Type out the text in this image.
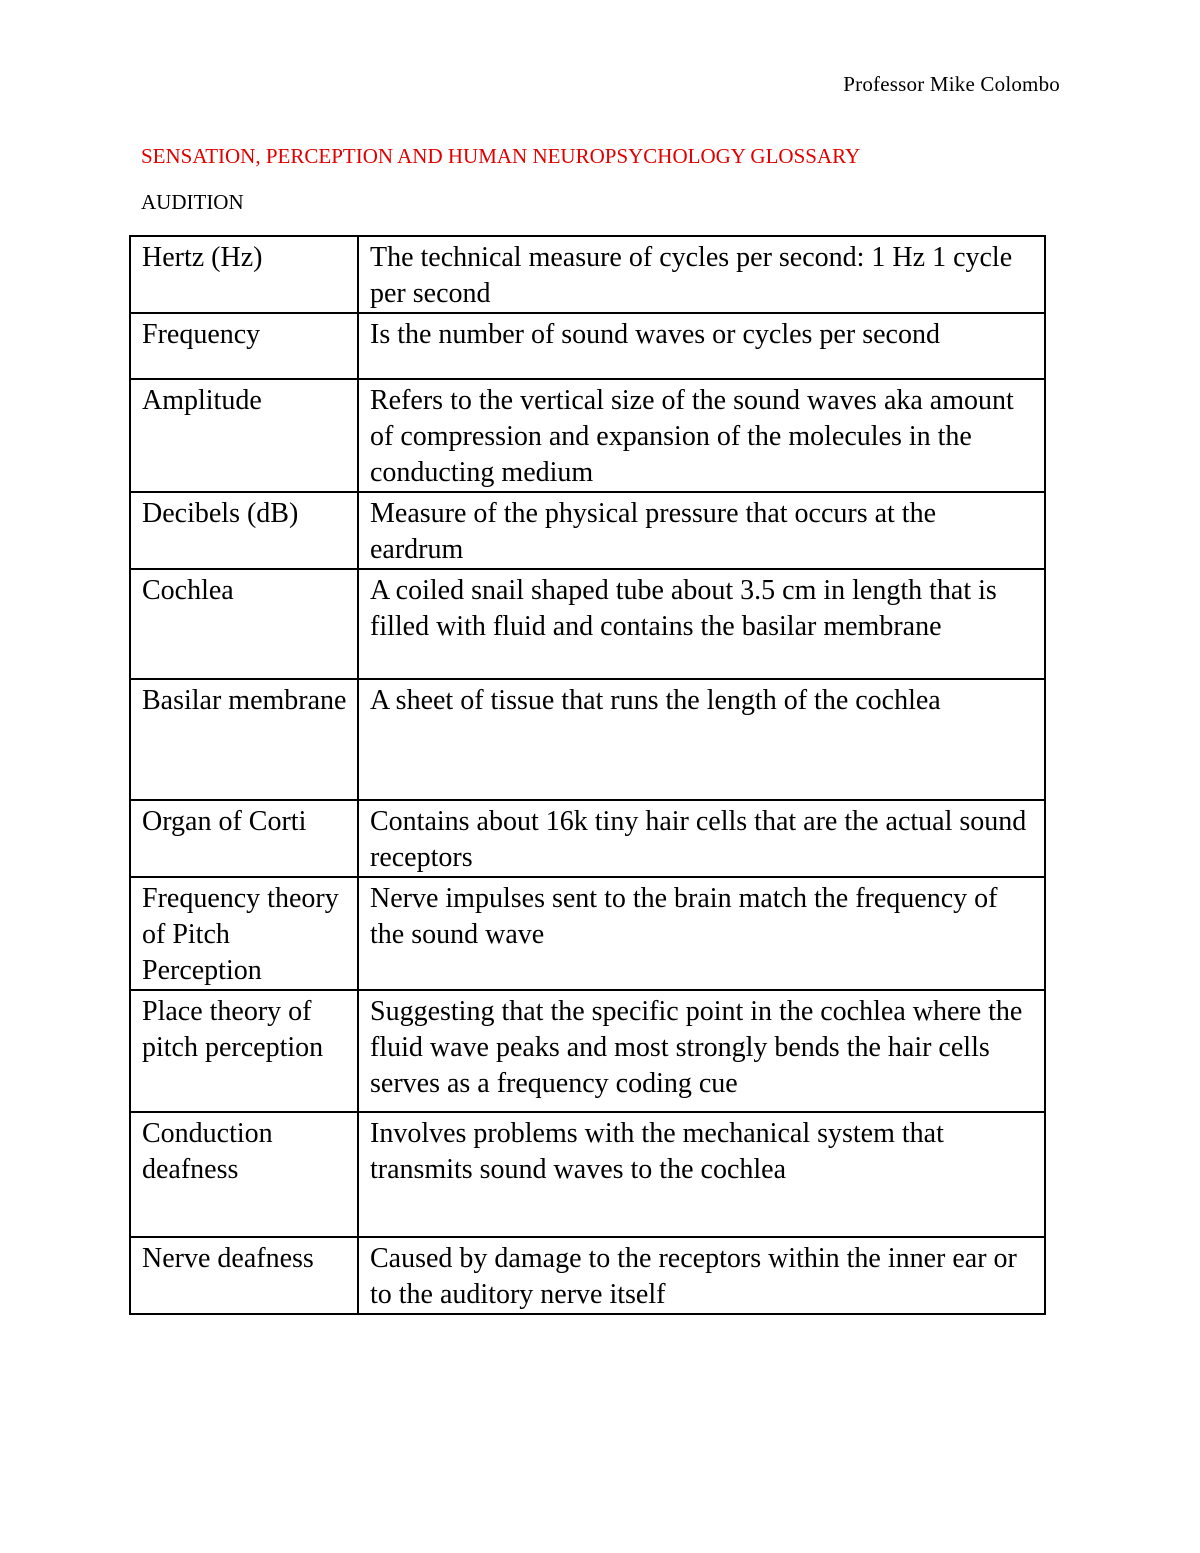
Professor Mike Colombo
SENSATION, PERCEPTION AND HUMAN NEUROPSYCHOLOGY GLOSSARY
AUDITION
Hertz (Hz)	The technical measure of cycles per second: 1 Hz 1 cycle per second
Frequency	Is the number of sound waves or cycles per second
Amplitude	Refers to the vertical size of the sound waves aka amount of compression and expansion of the molecules in the conducting medium
Decibels (dB)	Measure of the physical pressure that occurs at the eardrum
Cochlea	A coiled snail shaped tube about 3.5 cm in length that is filled with fluid and contains the basilar membrane
Basilar membrane	A sheet of tissue that runs the length of the cochlea
Organ of Corti	Contains about 16k tiny hair cells that are the actual sound receptors
Frequency theory of Pitch Perception	Nerve impulses sent to the brain match the frequency of the sound wave
Place theory of pitch perception	Suggesting that the specific point in the cochlea where the fluid wave peaks and most strongly bends the hair cells serves as a frequency coding cue
Conduction deafness	Involves problems with the mechanical system that transmits sound waves to the cochlea
Nerve deafness	Caused by damage to the receptors within the inner ear or to the auditory nerve itself
